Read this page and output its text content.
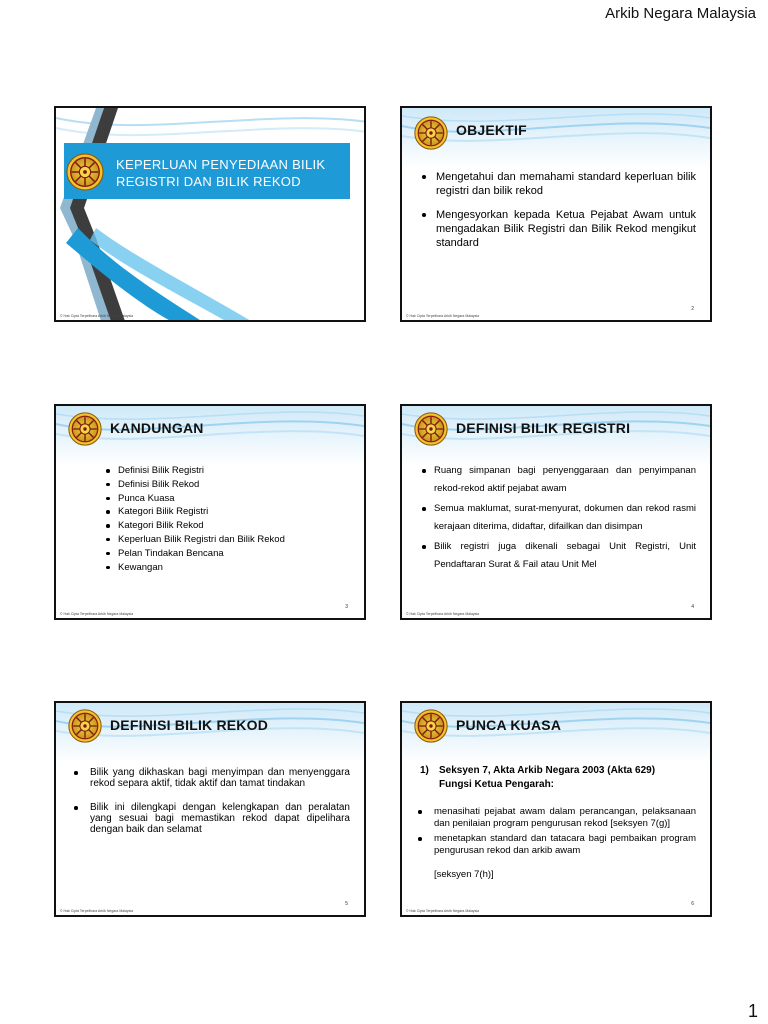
Arkib Negara Malaysia
KEPERLUAN PENYEDIAAN BILIK REGISTRI DAN BILIK REKOD
© Hak Cipta Terpelihara Arkib Negara Malaysia
OBJEKTIF
Mengetahui dan memahami standard keperluan bilik registri dan bilik rekod
Mengesyorkan kepada Ketua Pejabat Awam untuk mengadakan Bilik Registri dan Bilik Rekod mengikut standard
2
© Hak Cipta Terpelihara Arkib Negara Malaysia
KANDUNGAN
Definisi Bilik Registri
Definisi Bilik Rekod
Punca Kuasa
Kategori Bilik Registri
Kategori Bilik Rekod
Keperluan Bilik Registri dan Bilik Rekod
Pelan Tindakan Bencana
Kewangan
3
© Hak Cipta Terpelihara Arkib Negara Malaysia
DEFINISI BILIK REGISTRI
Ruang simpanan bagi penyenggaraan dan penyimpanan rekod-rekod aktif pejabat awam
Semua maklumat, surat-menyurat, dokumen dan rekod rasmi kerajaan diterima, didaftar, difailkan dan disimpan
Bilik registri juga dikenali sebagai Unit Registri, Unit Pendaftaran Surat & Fail atau Unit Mel
4
© Hak Cipta Terpelihara Arkib Negara Malaysia
DEFINISI BILIK REKOD
Bilik yang dikhaskan bagi menyimpan dan menyenggara rekod separa aktif, tidak aktif dan tamat tindakan
Bilik ini dilengkapi dengan kelengkapan dan peralatan yang sesuai bagi memastikan rekod dapat dipelihara dengan baik dan selamat
5
© Hak Cipta Terpelihara Arkib Negara Malaysia
PUNCA KUASA
1) Seksyen 7, Akta Arkib Negara 2003 (Akta 629)
Fungsi Ketua Pengarah:
menasihati pejabat awam dalam perancangan, pelaksanaan dan penilaian program pengurusan rekod [seksyen 7(g)]
menetapkan standard dan tatacara bagi pembaikan program pengurusan rekod dan arkib awam
[seksyen 7(h)]
6
© Hak Cipta Terpelihara Arkib Negara Malaysia
1
